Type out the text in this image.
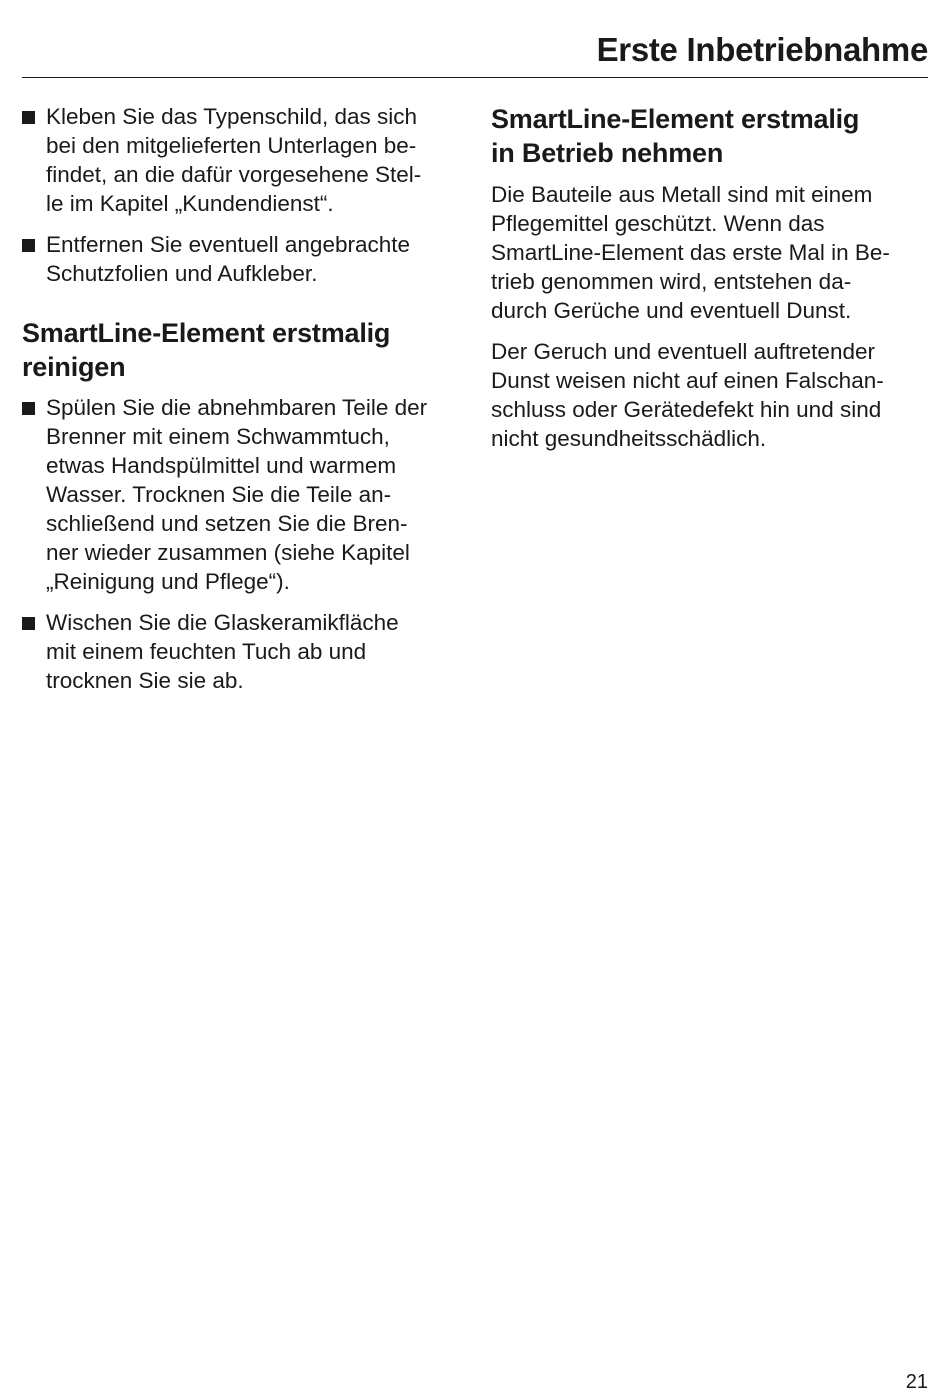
Erste Inbetriebnahme
Kleben Sie das Typenschild, das sich
bei den mitgelieferten Unterlagen be-
findet, an die dafür vorgesehene Stel-
le im Kapitel „Kundendienst“.
Entfernen Sie eventuell angebrachte
Schutzfolien und Aufkleber.
SmartLine-Element erstmalig
reinigen
Spülen Sie die abnehmbaren Teile der
Brenner mit einem Schwammtuch,
etwas Handspülmittel und warmem
Wasser. Trocknen Sie die Teile an-
schließend und setzen Sie die Bren-
ner wieder zusammen (siehe Kapitel
„Reinigung und Pflege“).
Wischen Sie die Glaskeramikfläche
mit einem feuchten Tuch ab und
trocknen Sie sie ab.
SmartLine-Element erstmalig
in Betrieb nehmen

Die Bauteile aus Metall sind mit einem
Pflegemittel geschützt. Wenn das
SmartLine-Element das erste Mal in Be-
trieb genommen wird, entstehen da-
durch Gerüche und eventuell Dunst.

Der Geruch und eventuell auftretender
Dunst weisen nicht auf einen Falschan-
schluss oder Gerätedefekt hin und sind
nicht gesundheitsschädlich.

21
